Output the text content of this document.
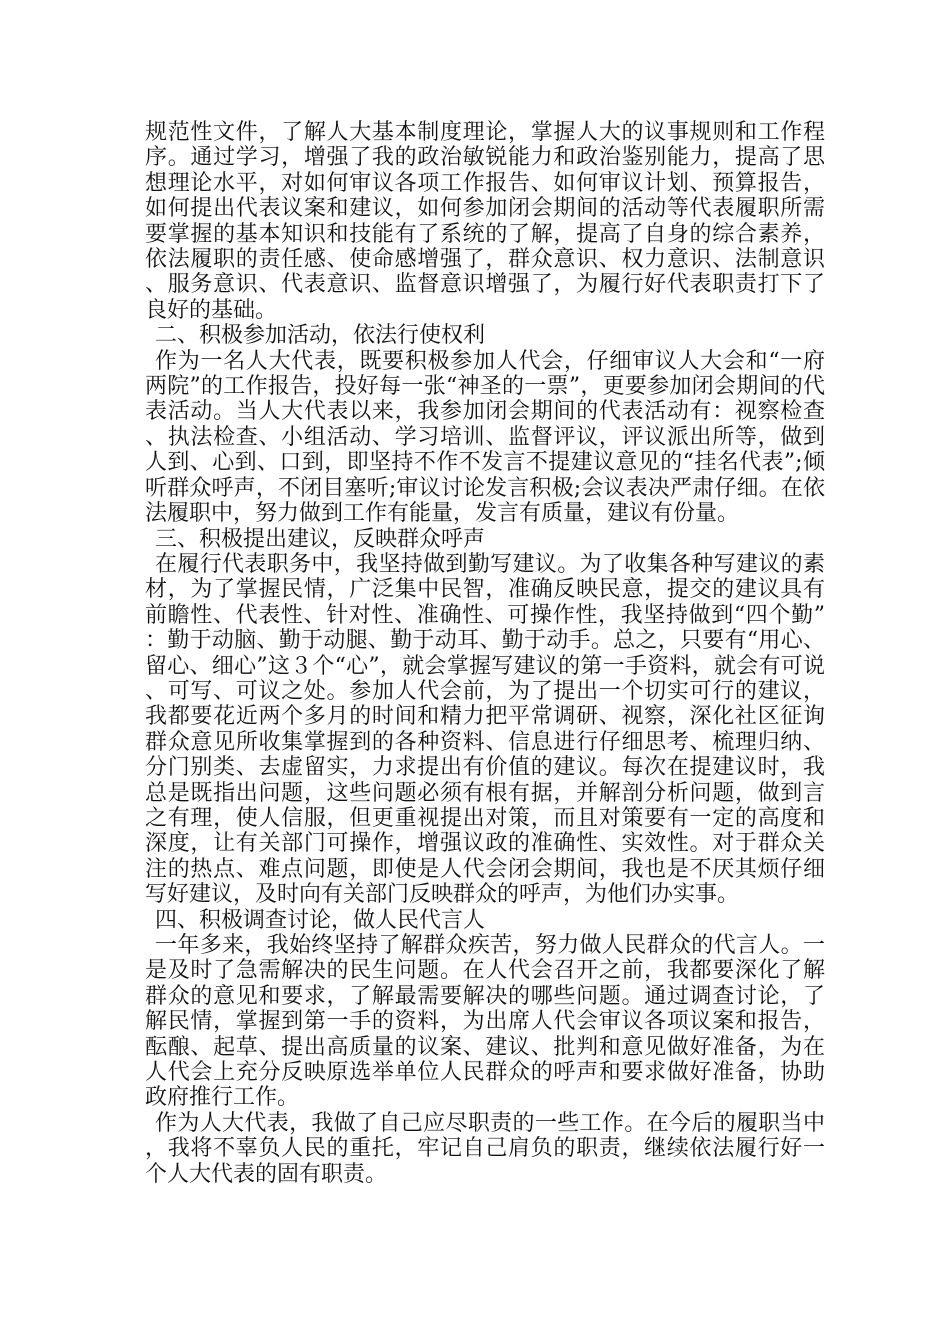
规范性文件，了解人大基本制度理论，掌握人大的议事规则和工作程序。通过学习，增强了我的政治敏锐能力和政治鉴别能力，提高了思想理论水平，对如何审议各项工作报告、如何审议计划、预算报告，如何提出代表议案和建议，如何参加闭会期间的活动等代表履职所需要掌握的基本知识和技能有了系统的了解，提高了自身的综合素养，依法履职的责任感、使命感增强了，群众意识、权力意识、法制意识、服务意识、代表意识、监督意识增强了，为履行好代表职责打下了良好的基础。

二、积极参加活动，依法行使权利

作为一名人大代表，既要积极参加人代会，仔细审议人大会和“一府两院”的工作报告，投好每一张“神圣的一票”，更要参加闭会期间的代表活动。当人大代表以来，我参加闭会期间的代表活动有：视察检查、执法检查、小组活动、学习培训、监督评议，评议派出所等，做到人到、心到、口到，即坚持不作不发言不提建议意见的“挂名代表”;倾听群众呼声，不闭目塞听;审议讨论发言积极;会议表决严肃仔细。在依法履职中，努力做到工作有能量，发言有质量，建议有份量。

三、积极提出建议，反映群众呼声

在履行代表职务中，我坚持做到勤写建议。为了收集各种写建议的素材，为了掌握民情，广泛集中民智，准确反映民意，提交的建议具有前瞻性、代表性、针对性、准确性、可操作性，我坚持做到“四个勤”：勤于动脑、勤于动腿、勤于动耳、勤于动手。总之，只要有“用心、留心、细心”这３个“心”，就会掌握写建议的第一手资料，就会有可说、可写、可议之处。参加人代会前，为了提出一个切实可行的建议，我都要花近两个多月的时间和精力把平常调研、视察，深化社区征询群众意见所收集掌握到的各种资料、信息进行仔细思考、梳理归纳、分门别类、去虚留实，力求提出有价值的建议。每次在提建议时，我总是既指出问题，这些问题必须有根有据，并解剖分析问题，做到言之有理，使人信服，但更重视提出对策，而且对策要有一定的高度和深度，让有关部门可操作，增强议政的准确性、实效性。对于群众关注的热点、难点问题，即使是人代会闭会期间，我也是不厌其烦仔细写好建议，及时向有关部门反映群众的呼声，为他们办实事。

四、积极调查讨论，做人民代言人

一年多来，我始终坚持了解群众疾苦，努力做人民群众的代言人。一是及时了急需解决的民生问题。在人代会召开之前，我都要深化了解群众的意见和要求，了解最需要解决的哪些问题。通过调查讨论，了解民情，掌握到第一手的资料，为出席人代会审议各项议案和报告，酝酿、起草、提出高质量的议案、建议、批判和意见做好准备，为在人代会上充分反映原选举单位人民群众的呼声和要求做好准备，协助政府推行工作。

作为人大代表，我做了自己应尽职责的一些工作。在今后的履职当中，我将不辜负人民的重托，牢记自己肩负的职责，继续依法履行好一个人大代表的固有职责。
